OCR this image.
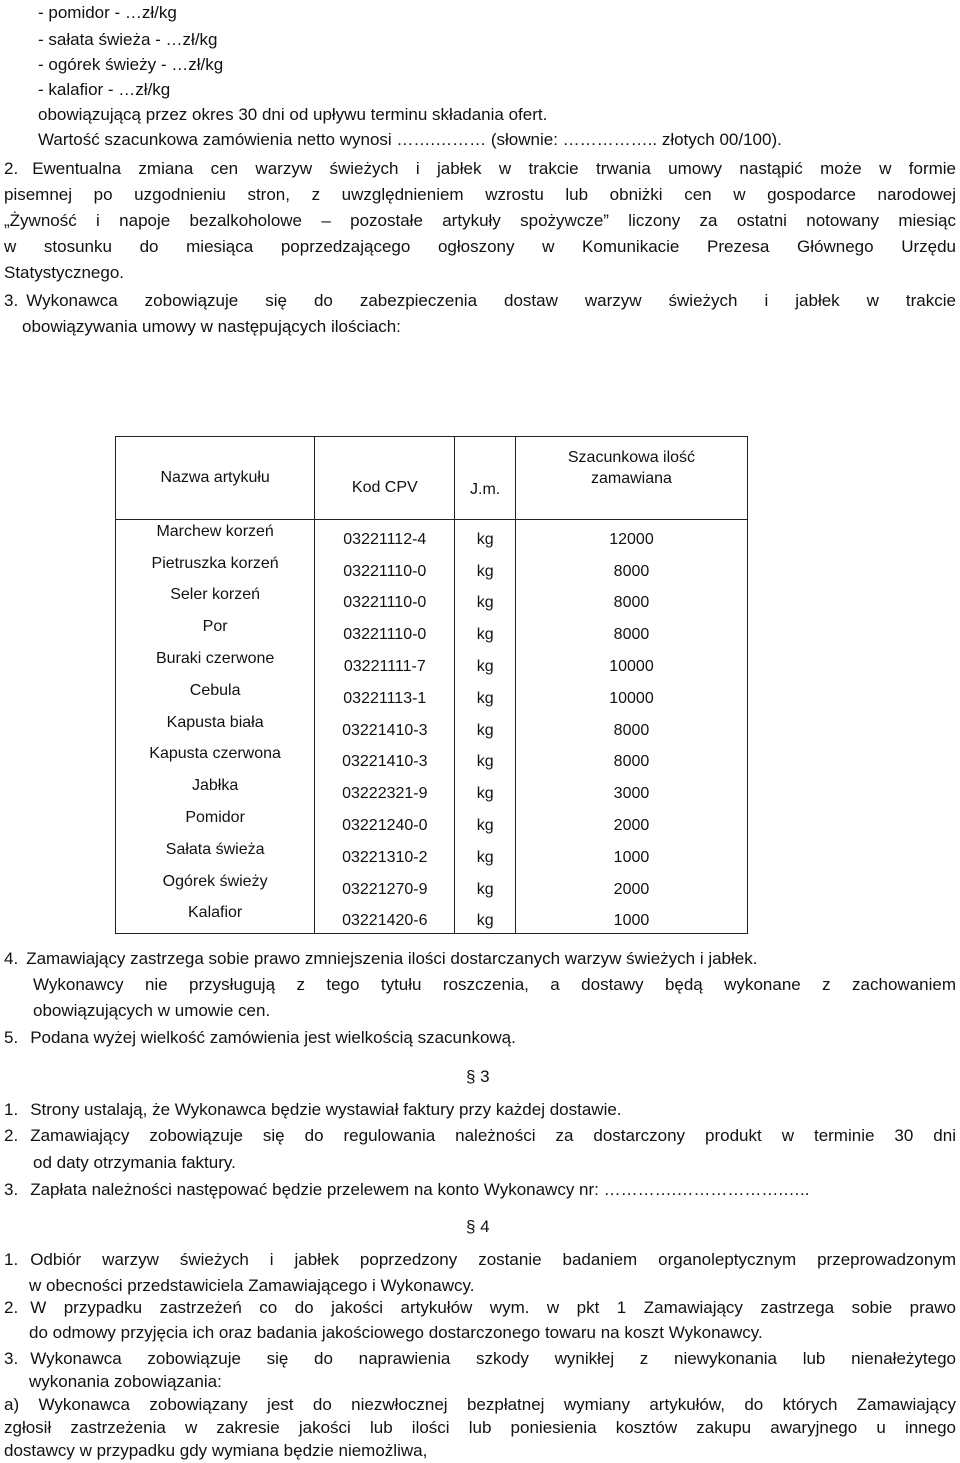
- pomidor - …zł/kg
- sałata świeża - …zł/kg
- ogórek świeży - …zł/kg
- kalafior - …zł/kg
obowiązującą przez okres 30 dni od upływu terminu składania ofert.
Wartość szacunkowa zamówienia netto wynosi …….……… (słownie: …………….. złotych 00/100).
2. Ewentualna zmiana cen warzyw świeżych i jabłek w trakcie trwania umowy nastąpić może w formie
pisemnej po uzgodnieniu stron, z uwzględnieniem wzrostu lub obniżki cen w gospodarce narodowej
„Żywność i napoje bezalkoholowe – pozostałe artykuły spożywcze” liczony za ostatni notowany miesiąc
w stosunku do miesiąca poprzedzającego ogłoszony w Komunikacie Prezesa Głównego Urzędu
Statystycznego.
3. Wykonawca zobowiązuje się do zabezpieczenia dostaw warzyw świeżych i jabłek w trakcie
obowiązywania umowy w następujących ilościach:
Nazwa artykułu	Kod CPV	J.m.	Szacunkowa ilość
zamawiana
Marchew korzeń	03221112-4	kg	12000
Pietruszka korzeń	03221110-0	kg	8000
Seler korzeń	03221110-0	kg	8000
Por	03221110-0	kg	8000
Buraki czerwone	03221111-7	kg	10000
Cebula	03221113-1	kg	10000
Kapusta biała	03221410-3	kg	8000
Kapusta czerwona	03221410-3	kg	8000
Jabłka	03222321-9	kg	3000
Pomidor	03221240-0	kg	2000
Sałata świeża	03221310-2	kg	1000
Ogórek świeży	03221270-9	kg	2000
Kalafior	03221420-6	kg	1000
4. Zamawiający zastrzega sobie prawo zmniejszenia ilości dostarczanych warzyw świeżych i jabłek.
Wykonawcy nie przysługują z tego tytułu roszczenia, a dostawy będą wykonane z zachowaniem
obowiązujących w umowie cen.
5. Podana wyżej wielkość zamówienia jest wielkością szacunkową.
§ 3
1. Strony ustalają, że Wykonawca będzie wystawiał faktury przy każdej dostawie.
2. Zamawiający zobowiązuje się do regulowania należności za dostarczony produkt w terminie 30 dni
od daty otrzymania faktury.
3. Zapłata należności następować będzie przelewem na konto Wykonawcy nr: ………….……………….…..
§ 4
1. Odbiór warzyw świeżych i jabłek poprzedzony zostanie badaniem organoleptycznym przeprowadzonym
w obecności przedstawiciela Zamawiającego i Wykonawcy.
2. W przypadku zastrzeżeń co do jakości artykułów wym. w pkt 1 Zamawiający zastrzega sobie prawo
do odmowy przyjęcia ich oraz badania jakościowego dostarczonego towaru na koszt Wykonawcy.
3. Wykonawca zobowiązuje się do naprawienia szkody wynikłej z niewykonania lub nienałeżytego
wykonania zobowiązania:
a) Wykonawca zobowiązany jest do niezwłocznej bezpłatnej wymiany artykułów, do których Zamawiający
zgłosił zastrzeżenia w zakresie jakości lub ilości lub poniesienia kosztów zakupu awaryjnego u innego
dostawcy w przypadku gdy wymiana będzie niemożliwa,
